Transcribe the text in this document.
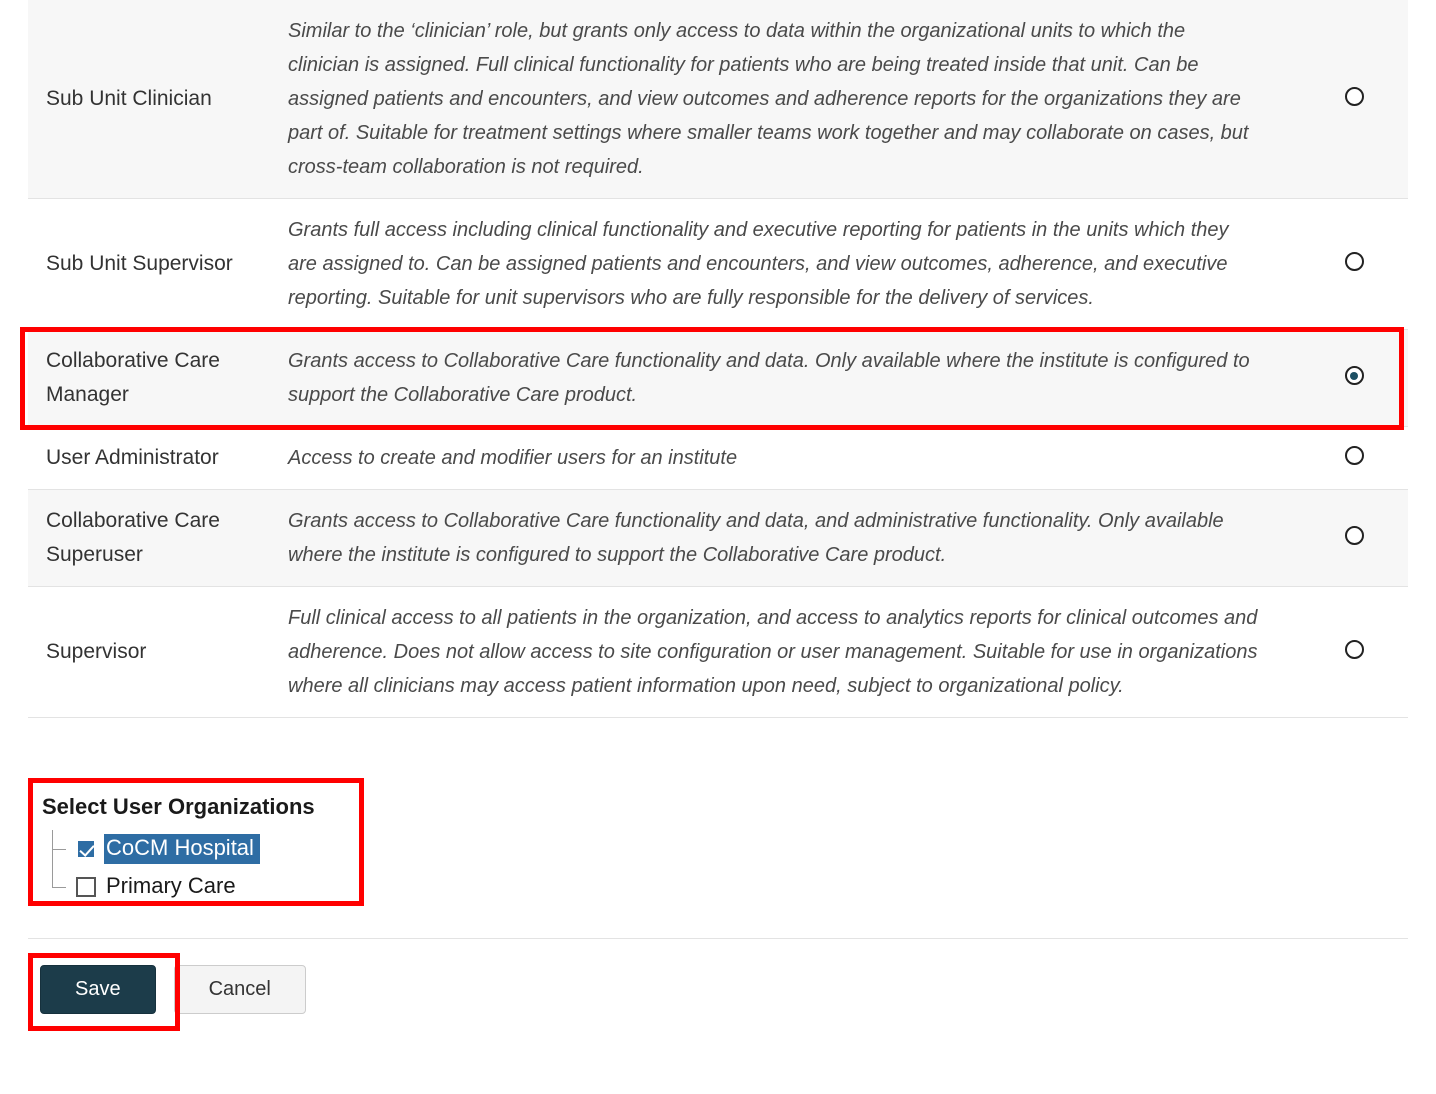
Sub Unit Clinician	Similar to the ‘clinician’ role, but grants only access to data within the organizational units to which the clinician is assigned. Full clinical functionality for patients who are being treated inside that unit. Can be assigned patients and encounters, and view outcomes and adherence reports for the organizations they are part of. Suitable for treatment settings where smaller teams work together and may collaborate on cases, but cross-team collaboration is not required.	
Sub Unit Supervisor	Grants full access including clinical functionality and executive reporting for patients in the units which they are assigned to. Can be assigned patients and encounters, and view outcomes, adherence, and executive reporting. Suitable for unit supervisors who are fully responsible for the delivery of services.	
Collaborative Care Manager	Grants access to Collaborative Care functionality and data. Only available where the institute is configured to support the Collaborative Care product.	
User Administrator	Access to create and modifier users for an institute	
Collaborative Care Superuser	Grants access to Collaborative Care functionality and data, and administrative functionality. Only available where the institute is configured to support the Collaborative Care product.	
Supervisor	Full clinical access to all patients in the organization, and access to analytics reports for clinical outcomes and adherence. Does not allow access to site configuration or user management. Suitable for use in organizations where all clinicians may access patient information upon need, subject to organizational policy.	
Select User Organizations
CoCM Hospital
Primary Care
Save	Cancel
